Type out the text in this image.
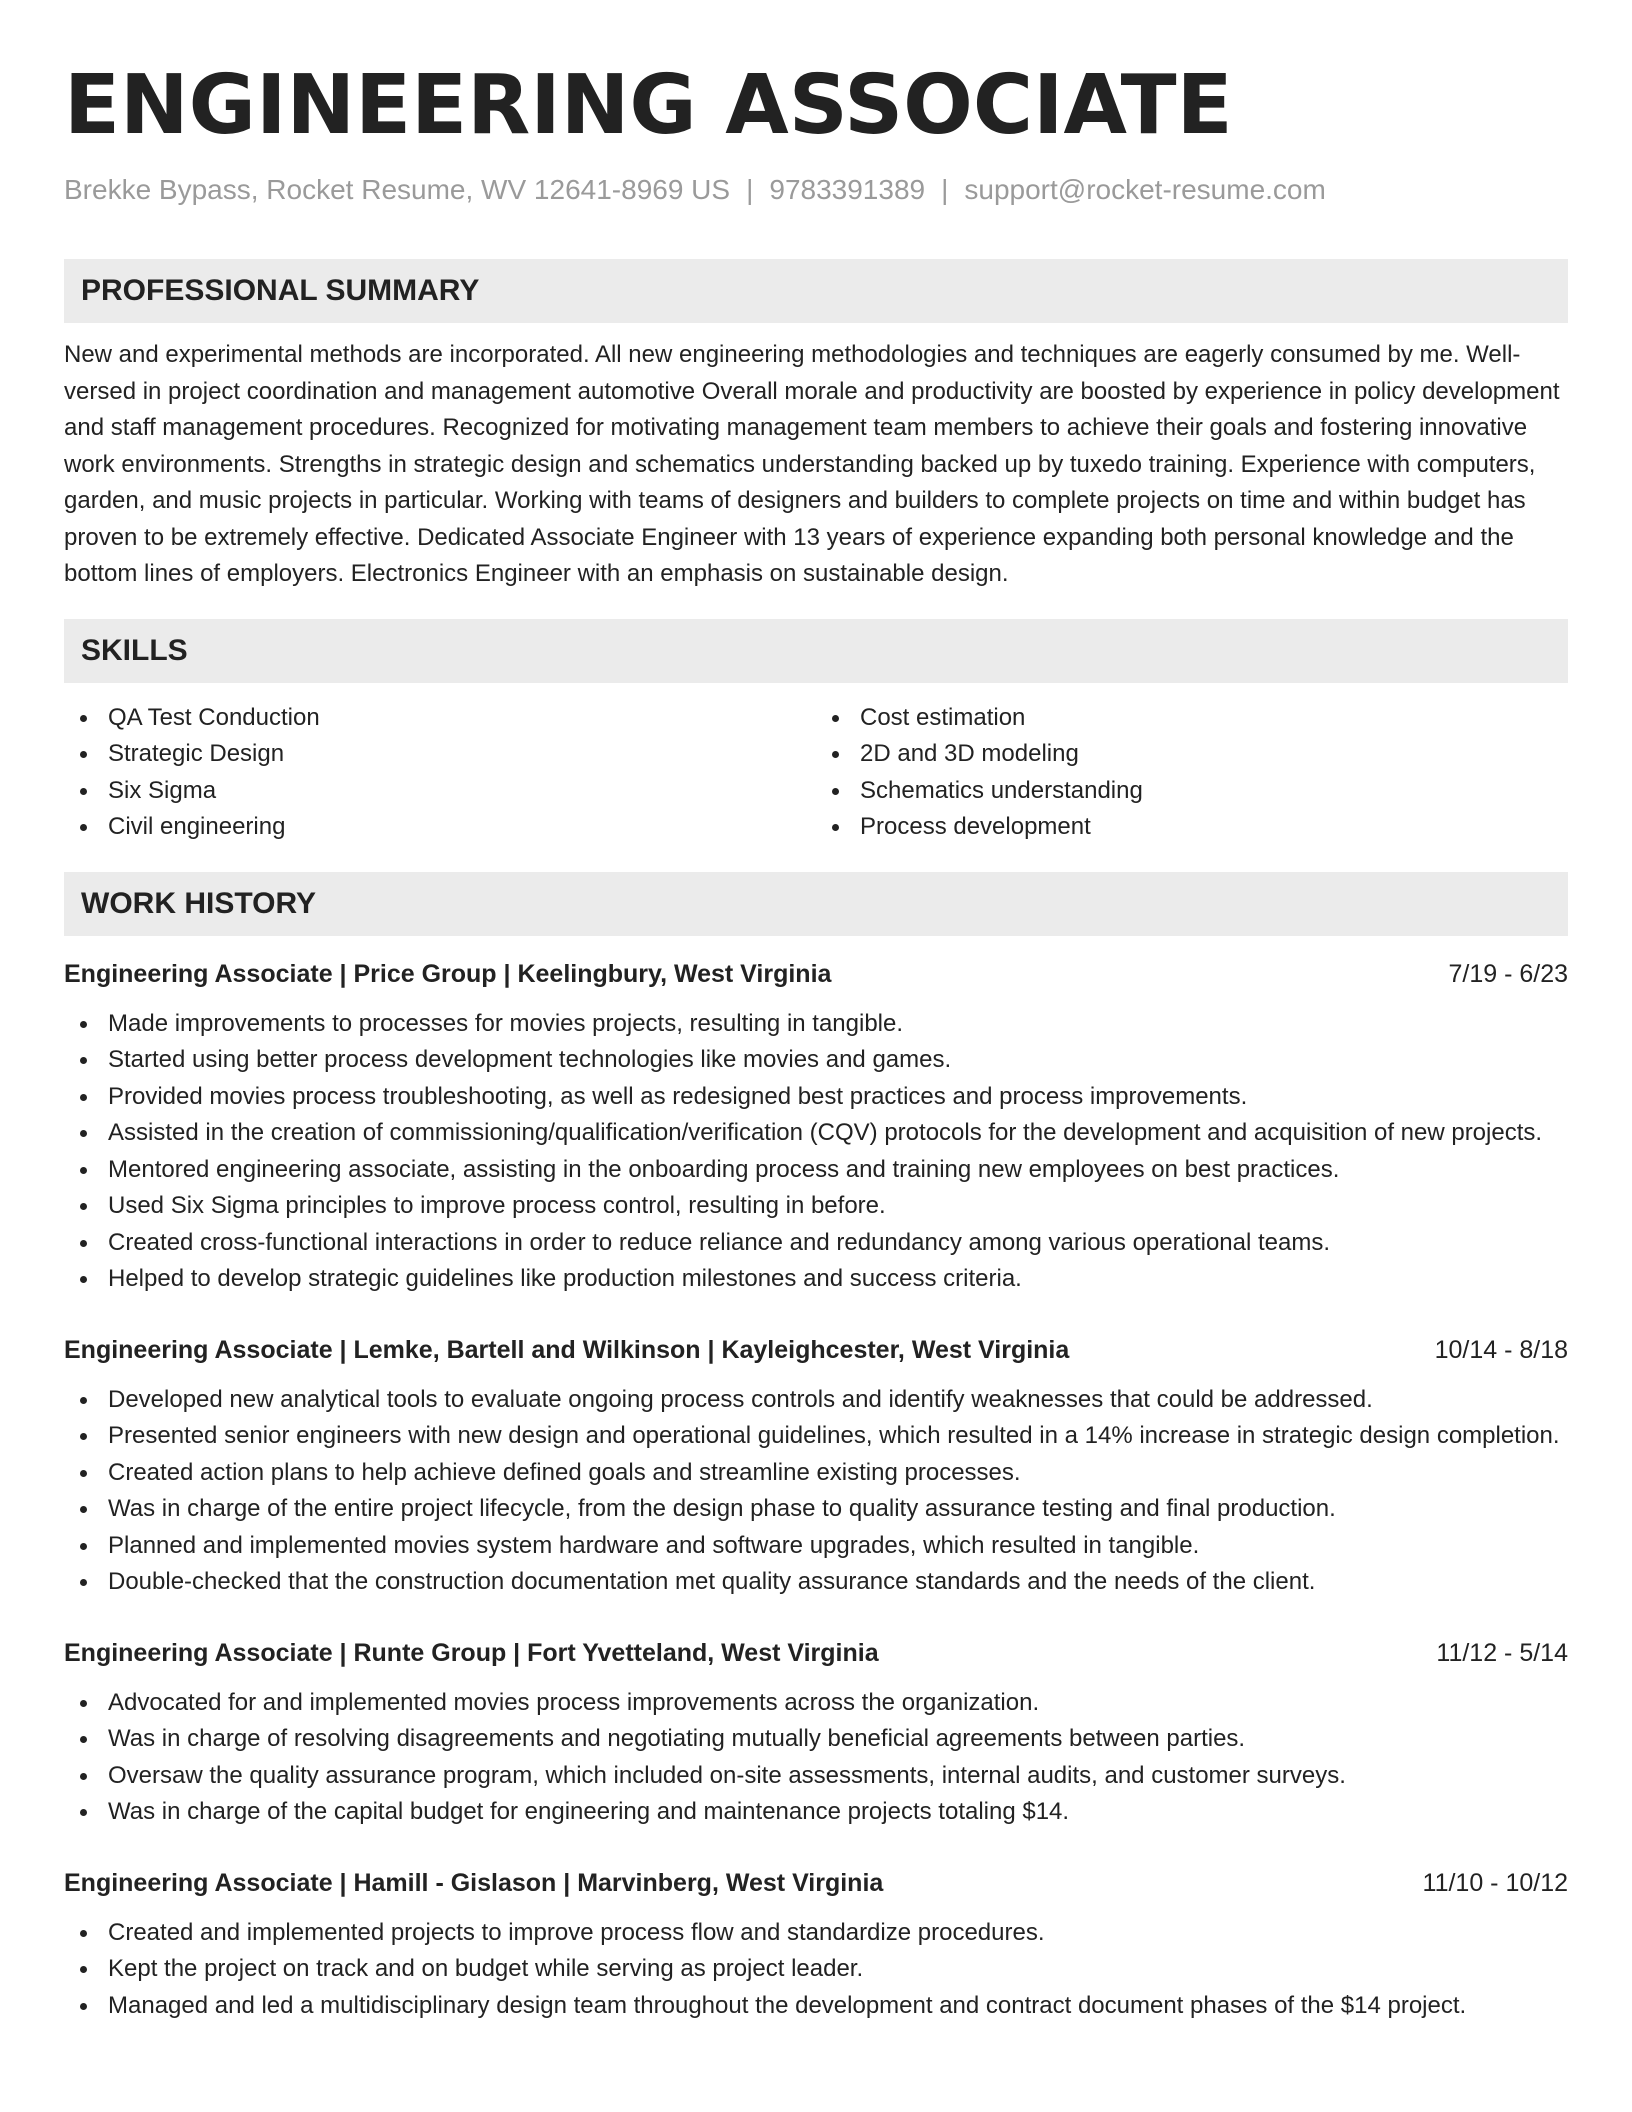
ENGINEERING ASSOCIATE
Brekke Bypass, Rocket Resume, WV 12641-8969 US | 9783391389 | support@rocket-resume.com
PROFESSIONAL SUMMARY
New and experimental methods are incorporated. All new engineering methodologies and techniques are eagerly consumed by me. Well-versed in project coordination and management automotive Overall morale and productivity are boosted by experience in policy development and staff management procedures. Recognized for motivating management team members to achieve their goals and fostering innovative work environments. Strengths in strategic design and schematics understanding backed up by tuxedo training. Experience with computers, garden, and music projects in particular. Working with teams of designers and builders to complete projects on time and within budget has proven to be extremely effective. Dedicated Associate Engineer with 13 years of experience expanding both personal knowledge and the bottom lines of employers. Electronics Engineer with an emphasis on sustainable design.
SKILLS
QA Test Conduction
Strategic Design
Six Sigma
Civil engineering
Cost estimation
2D and 3D modeling
Schematics understanding
Process development
WORK HISTORY
Engineering Associate | Price Group | Keelingbury, West Virginia	7/19 - 6/23
Made improvements to processes for movies projects, resulting in tangible.
Started using better process development technologies like movies and games.
Provided movies process troubleshooting, as well as redesigned best practices and process improvements.
Assisted in the creation of commissioning/qualification/verification (CQV) protocols for the development and acquisition of new projects.
Mentored engineering associate, assisting in the onboarding process and training new employees on best practices.
Used Six Sigma principles to improve process control, resulting in before.
Created cross-functional interactions in order to reduce reliance and redundancy among various operational teams.
Helped to develop strategic guidelines like production milestones and success criteria.
Engineering Associate | Lemke, Bartell and Wilkinson | Kayleighcester, West Virginia	10/14 - 8/18
Developed new analytical tools to evaluate ongoing process controls and identify weaknesses that could be addressed.
Presented senior engineers with new design and operational guidelines, which resulted in a 14% increase in strategic design completion.
Created action plans to help achieve defined goals and streamline existing processes.
Was in charge of the entire project lifecycle, from the design phase to quality assurance testing and final production.
Planned and implemented movies system hardware and software upgrades, which resulted in tangible.
Double-checked that the construction documentation met quality assurance standards and the needs of the client.
Engineering Associate | Runte Group | Fort Yvetteland, West Virginia	11/12 - 5/14
Advocated for and implemented movies process improvements across the organization.
Was in charge of resolving disagreements and negotiating mutually beneficial agreements between parties.
Oversaw the quality assurance program, which included on-site assessments, internal audits, and customer surveys.
Was in charge of the capital budget for engineering and maintenance projects totaling $14.
Engineering Associate | Hamill - Gislason | Marvinberg, West Virginia	11/10 - 10/12
Created and implemented projects to improve process flow and standardize procedures.
Kept the project on track and on budget while serving as project leader.
Managed and led a multidisciplinary design team throughout the development and contract document phases of the $14 project.
